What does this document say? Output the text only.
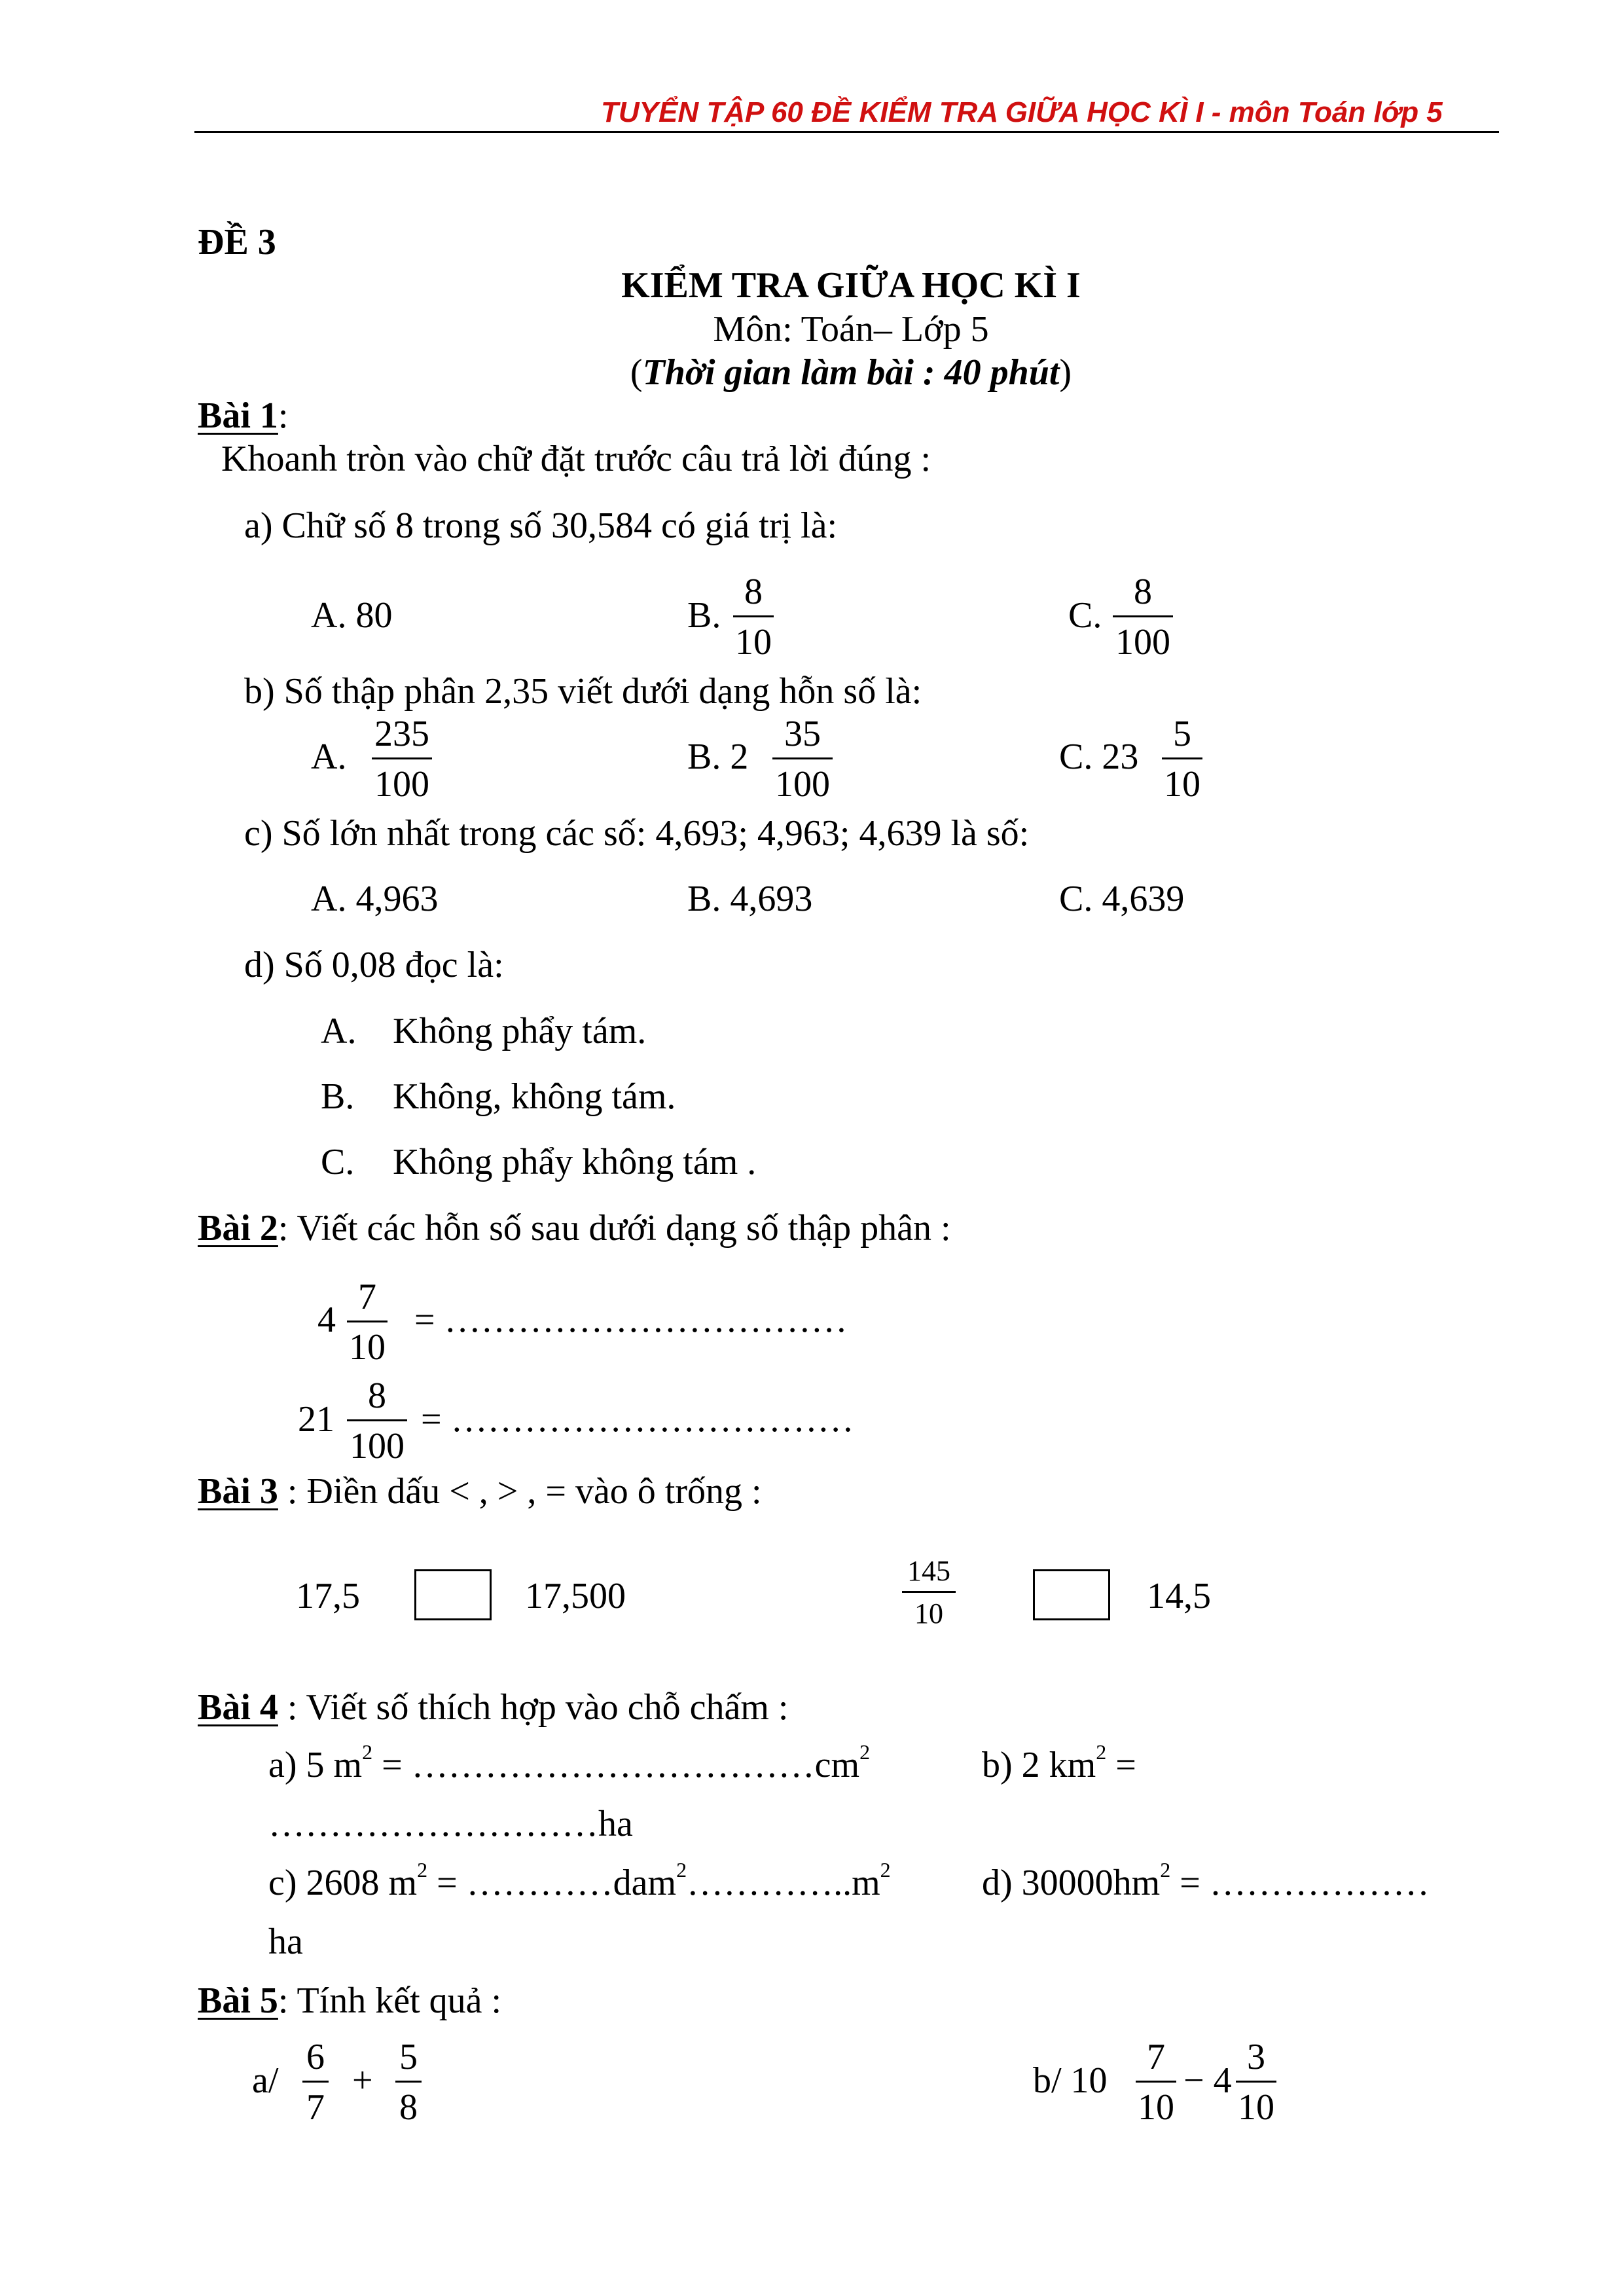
TUYỂN TẬP 60 ĐỀ KIỂM TRA GIỮA HỌC KÌ I - môn Toán lớp 5
ĐỀ 3
KIỂM TRA GIỮA HỌC KÌ I
Môn: Toán– Lớp 5
(Thời gian làm bài : 40 phút)
Bài 1:
Khoanh tròn vào chữ đặt trước câu trả lời đúng :
a) Chữ số 8 trong số 30,584 có giá trị là:
A. 80	B. $\frac{8}{10}$	C. $\frac{8}{100}$
b) Số thập phân 2,35 viết dưới dạng hỗn số là:
A. $\frac{235}{100}$	B. $2 \frac{35}{100}$	C. $23 \frac{5}{10}$
c) Số lớn nhất trong các số: 4,693; 4,963; 4,639 là số:
A. 4,963	B. 4,693	C. 4,639
d) Số 0,08 đọc là:
A. Không phẩy tám.
B. Không, không tám.
C. Không phẩy không tám .
Bài 2: Viết các hỗn số sau dưới dạng số thập phân :
$4 \frac{7}{10}$ = ……………………………
$21 \frac{8}{100}$ = ……………………………
Bài 3 : Điền dấu < , > , = vào ô trống :
17,5	17,500	$\frac{145}{10}$	14,5
Bài 4 : Viết số thích hợp vào chỗ chấm :
a) 5 $m^2$ = $\dots\dots\dots\dots\dots\dots\dots\dots\dots\dots\dots cm^2$	b) 2 $km^2$ =
………………………ha
c) 2608 $m^2$ = $\dots\dots\dots\dots dam^2\dots\dots\dots\dots..m^2$ d) $30000hm^2$ = ………………
ha
Bài 5: Tính kết quả :
$a/ \frac{6}{7} + \frac{5}{8}$	b/ $10 \frac{7}{10} - 4 \frac{3}{10}$
